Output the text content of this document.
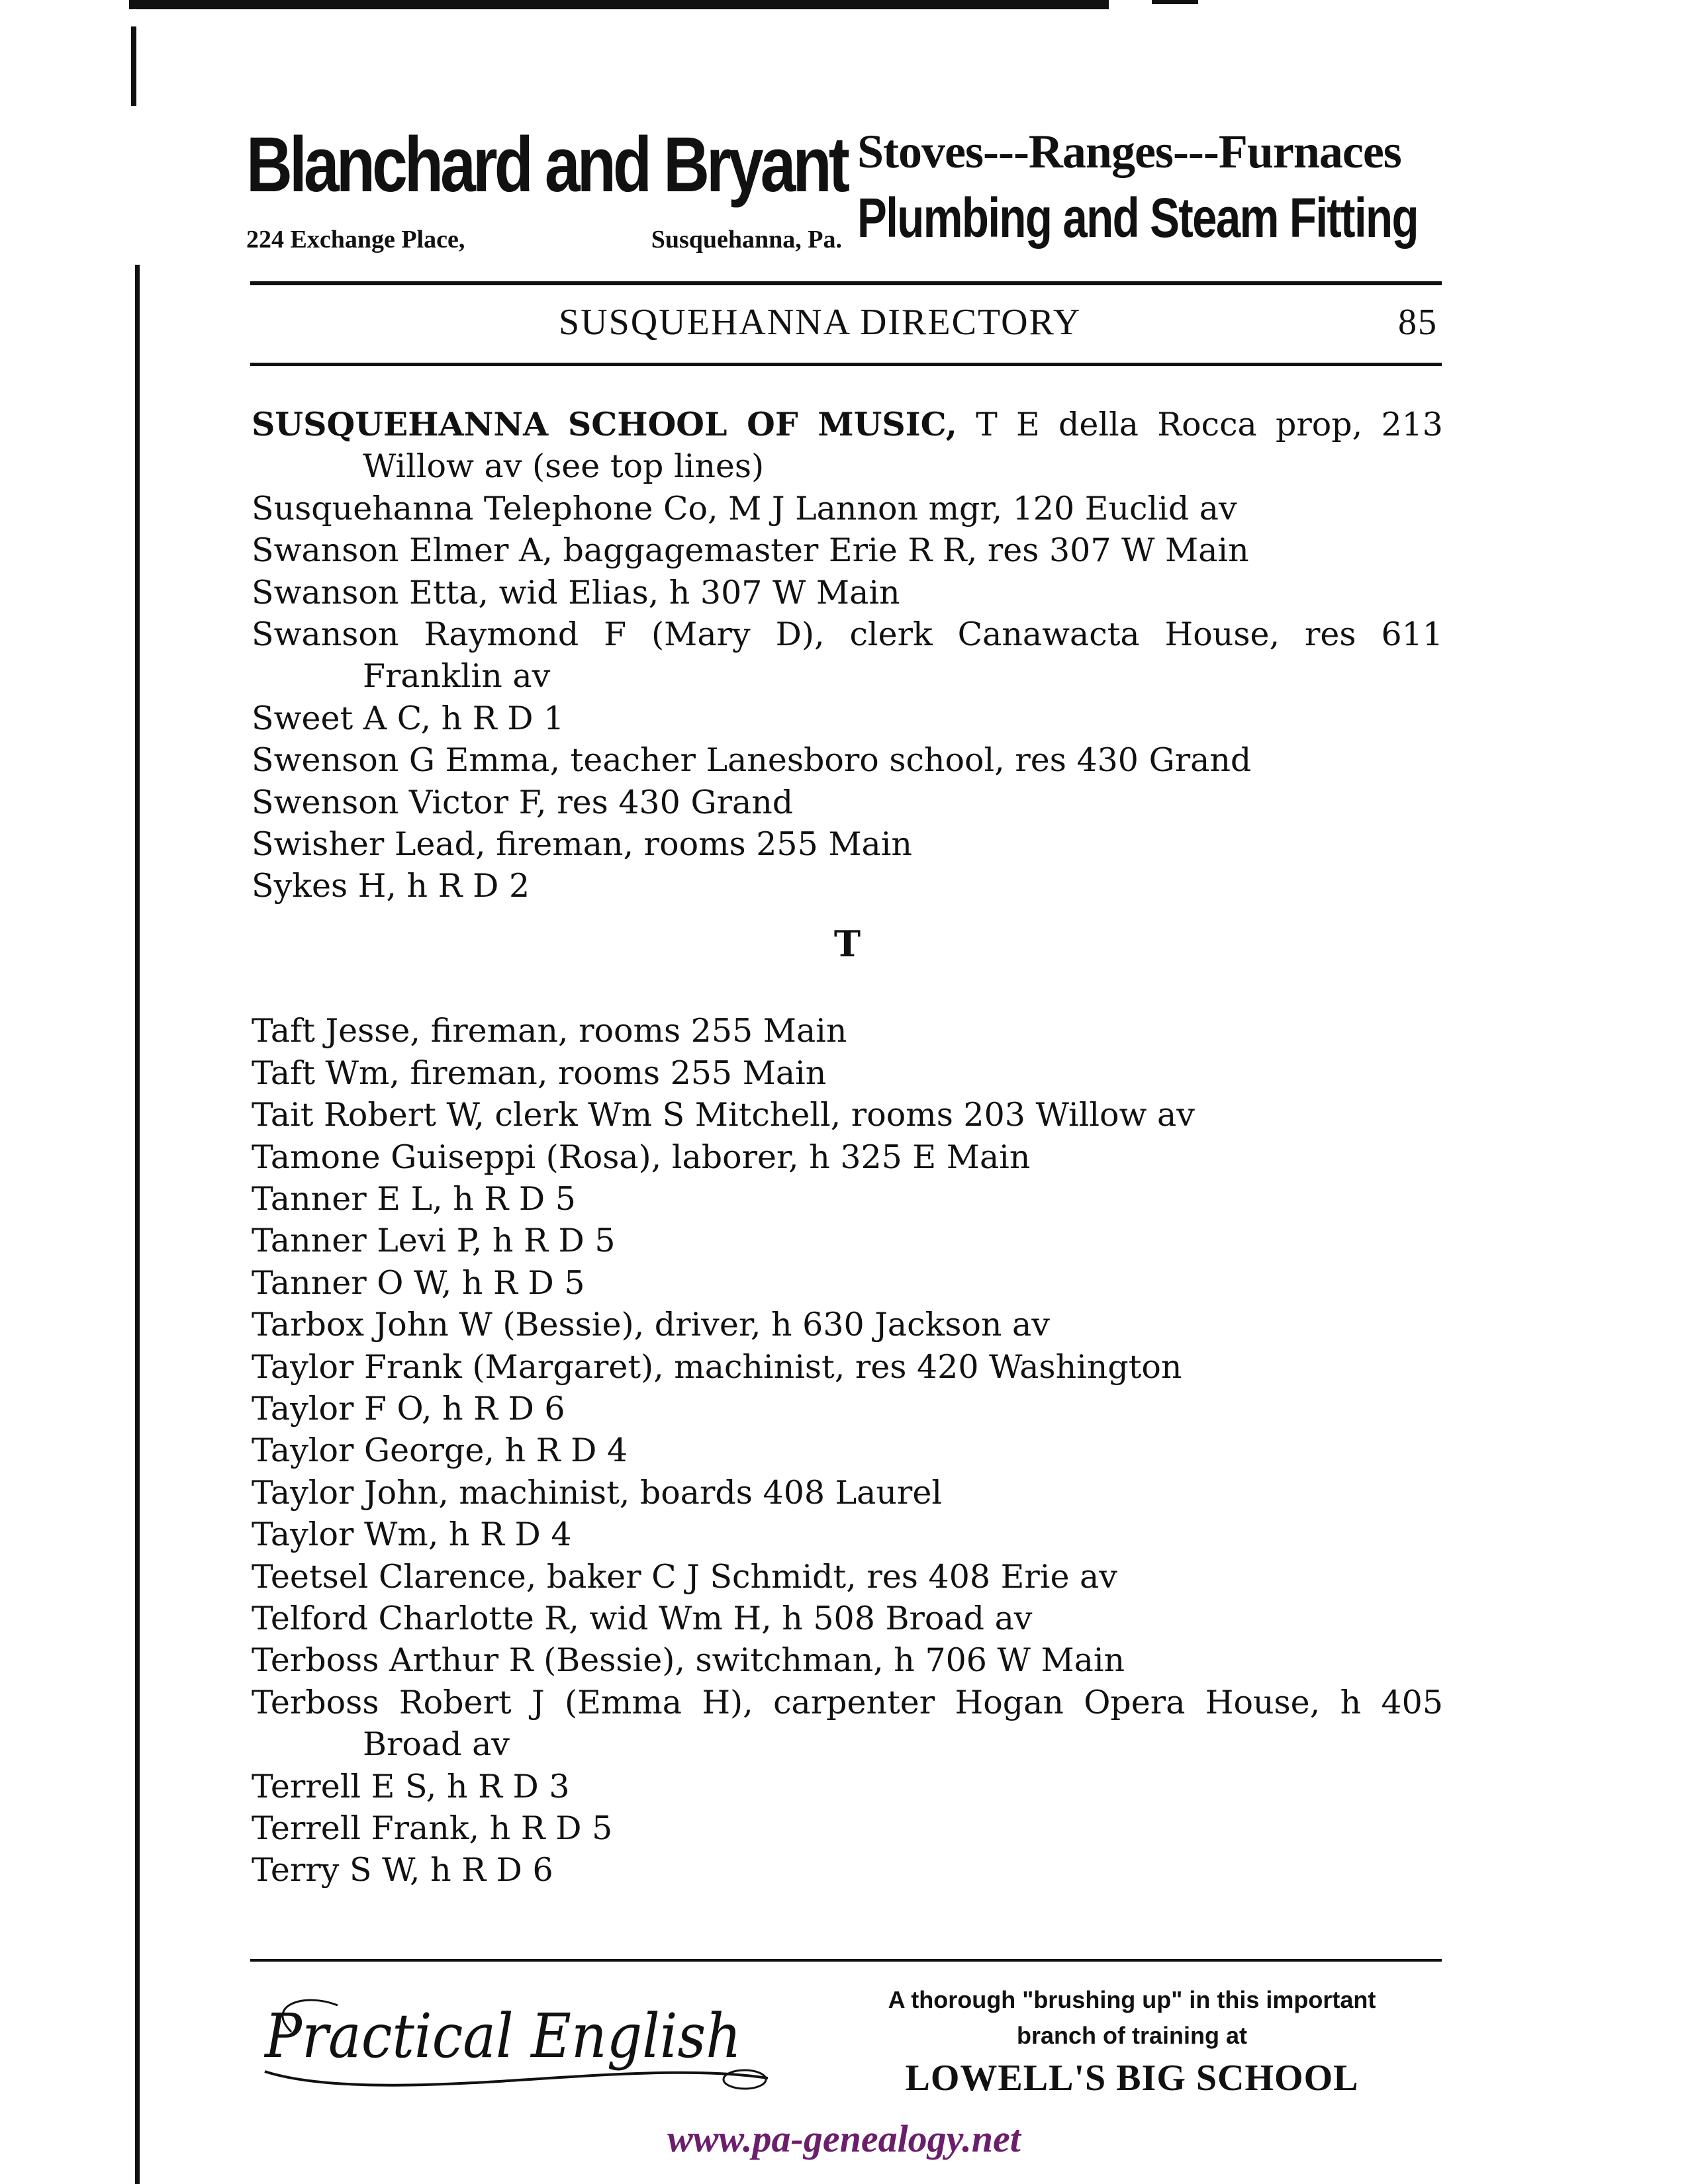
Blanchard and Bryant
224 Exchange Place,	Susquehanna, Pa.
Stoves---Ranges---Furnaces
Plumbing and Steam Fitting
SUSQUEHANNA DIRECTORY	85
SUSQUEHANNA SCHOOL OF MUSIC, T E della Rocca prop, 213 Willow av (see top lines)
Susquehanna Telephone Co, M J Lannon mgr, 120 Euclid av
Swanson Elmer A, baggagemaster Erie R R, res 307 W Main
Swanson Etta, wid Elias, h 307 W Main
Swanson Raymond F (Mary D), clerk Canawacta House, res 611 Franklin av
Sweet A C, h R D 1
Swenson G Emma, teacher Lanesboro school, res 430 Grand
Swenson Victor F, res 430 Grand
Swisher Lead, fireman, rooms 255 Main
Sykes H, h R D 2
T
Taft Jesse, fireman, rooms 255 Main
Taft Wm, fireman, rooms 255 Main
Tait Robert W, clerk Wm S Mitchell, rooms 203 Willow av
Tamone Guiseppi (Rosa), laborer, h 325 E Main
Tanner E L, h R D 5
Tanner Levi P, h R D 5
Tanner O W, h R D 5
Tarbox John W (Bessie), driver, h 630 Jackson av
Taylor Frank (Margaret), machinist, res 420 Washington
Taylor F O, h R D 6
Taylor George, h R D 4
Taylor John, machinist, boards 408 Laurel
Taylor Wm, h R D 4
Teetsel Clarence, baker C J Schmidt, res 408 Erie av
Telford Charlotte R, wid Wm H, h 508 Broad av
Terboss Arthur R (Bessie), switchman, h 706 W Main
Terboss Robert J (Emma H), carpenter Hogan Opera House, h 405 Broad av
Terrell E S, h R D 3
Terrell Frank, h R D 5
Terry S W, h R D 6
Practical English
A thorough "brushing up" in this important
branch of training at
LOWELL'S BIG SCHOOL
www.pa-genealogy.net
